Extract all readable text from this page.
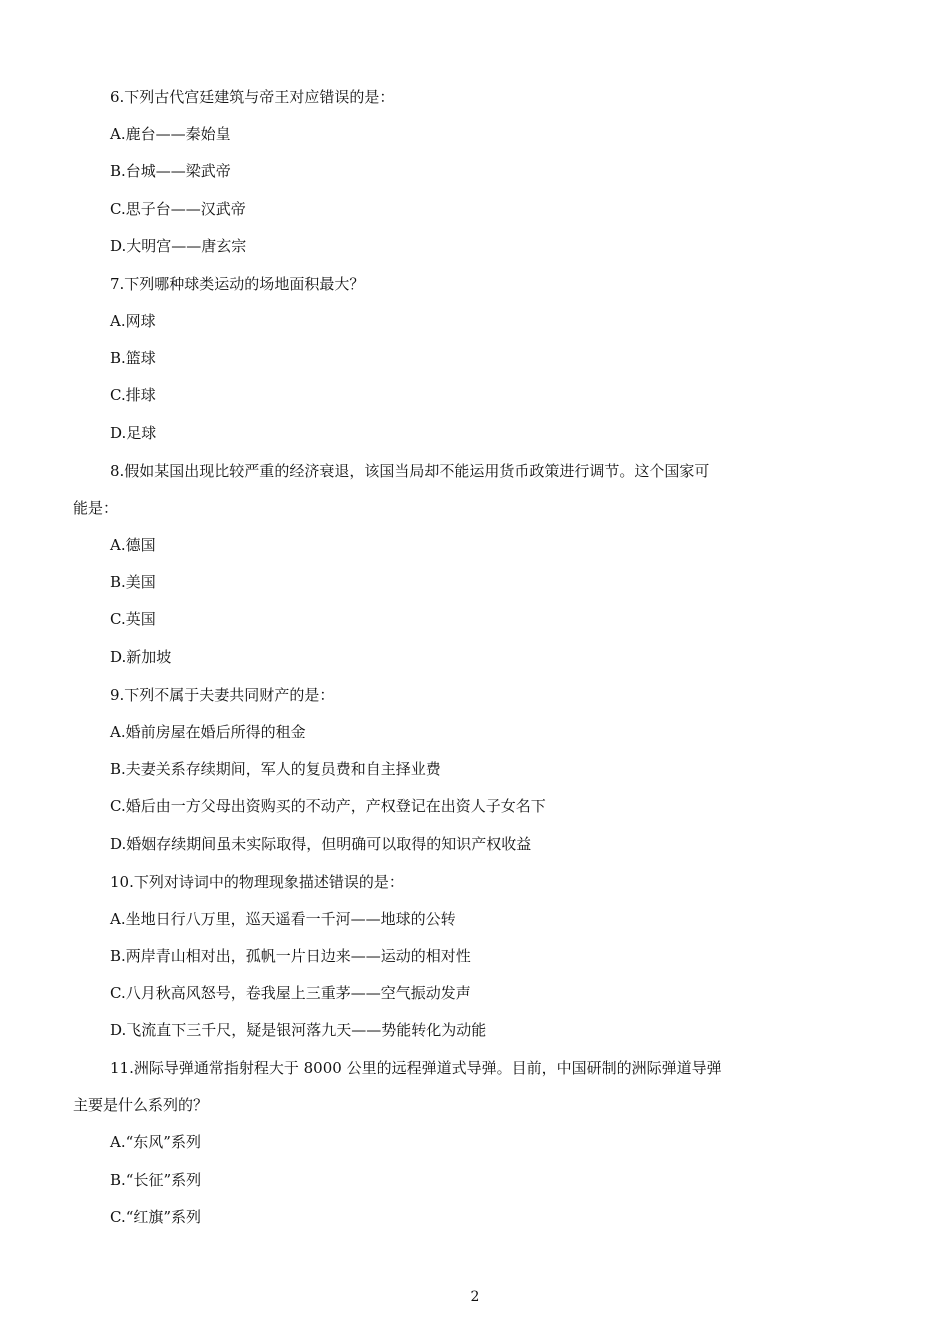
6.下列古代宫廷建筑与帝王对应错误的是：
A.鹿台——秦始皇
B.台城——梁武帝
C.思子台——汉武帝
D.大明宫——唐玄宗
7.下列哪种球类运动的场地面积最大？
A.网球
B.篮球
C.排球
D.足球
8.假如某国出现比较严重的经济衰退，该国当局却不能运用货币政策进行调节。这个国家可
能是：
A.德国
B.美国
C.英国
D.新加坡
9.下列不属于夫妻共同财产的是：
A.婚前房屋在婚后所得的租金
B.夫妻关系存续期间，军人的复员费和自主择业费
C.婚后由一方父母出资购买的不动产，产权登记在出资人子女名下
D.婚姻存续期间虽未实际取得，但明确可以取得的知识产权收益
10.下列对诗词中的物理现象描述错误的是：
A.坐地日行八万里，巡天遥看一千河——地球的公转
B.两岸青山相对出，孤帆一片日边来——运动的相对性
C.八月秋高风怒号，卷我屋上三重茅——空气振动发声
D.飞流直下三千尺，疑是银河落九天——势能转化为动能
11.洲际导弹通常指射程大于 8000 公里的远程弹道式导弹。目前，中国研制的洲际弹道导弹
主要是什么系列的？
A.“东风”系列
B.“长征”系列
C.“红旗”系列
2
